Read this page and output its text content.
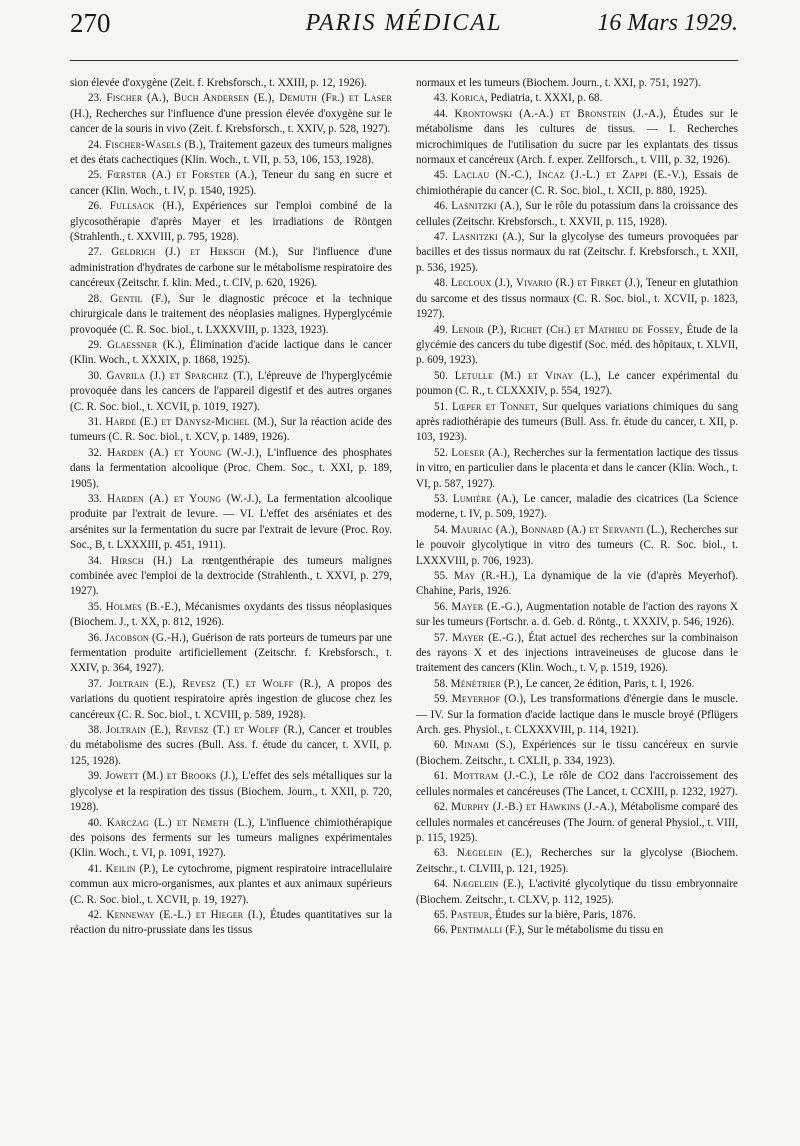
270	PARIS MÉDICAL	16 Mars 1929.

sion élevée d'oxygène (Zeit. f. Krebsforsch., t. XXIII, p. 12, 1926).

23. Fischer (A.), Buch Andersen (E.), Demuth (Fr.) et Laser (H.), Recherches sur l'influence d'une pression élevée d'oxygène sur le cancer de la souris in vivo (Zeit. f. Krebsforsch., t. XXIV, p. 528, 1927).

24. Fischer-Wasels (B.), Traitement gazeux des tumeurs malignes et des états cachectiques (Klin. Woch., t. VII, p. 53, 106, 153, 1928).

25. Fœrster (A.) et Forster (A.), Teneur du sang en sucre et cancer (Klin. Woch., t. IV, p. 1540, 1925).

26. Fullsack (H.), Expériences sur l'emploi combiné de la glycosothérapie d'après Mayer et les irradiations de Röntgen (Strahlenth., t. XXVIII, p. 795, 1928).

27. Geldrich (J.) et Heksch (M.), Sur l'influence d'une administration d'hydrates de carbone sur le métabolisme respiratoire des cancéreux (Zeitschr. f. klin. Med., t. CIV, p. 620, 1926).

28. Gentil (F.), Sur le diagnostic précoce et la technique chirurgicale dans le traitement des néoplasies malignes. Hyperglycémie provoquée (C. R. Soc. biol., t. LXXXVIII, p. 1323, 1923).

29. Glaessner (K.), Élimination d'acide lactique dans le cancer (Klin. Woch., t. XXXIX, p. 1868, 1925).

30. Gavrila (J.) et Sparchez (T.), L'épreuve de l'hyperglycémie provoquée dans les cancers de l'appareil digestif et des autres organes (C. R. Soc. biol., t. XCVII, p. 1019, 1927).

31. Harde (E.) et Danysz-Michel (M.), Sur la réaction acide des tumeurs (C. R. Soc. biol., t. XCV, p. 1489, 1926).

32. Harden (A.) et Young (W.-J.), L'influence des phosphates dans la fermentation alcoolique (Proc. Chem. Soc., t. XXI, p. 189, 1905).

33. Harden (A.) et Young (W.-J.), La fermentation alcoolique produite par l'extrait de levure. — VI. L'effet des arséniates et des arsénites sur la fermentation du sucre par l'extrait de levure (Proc. Roy. Soc., B, t. LXXXIII, p. 451, 1911).

34. Hirsch (H.) La rœntgenthérapie des tumeurs malignes combinée avec l'emploi de la dextrocide (Strahlenth., t. XXVI, p. 279, 1927).

35. Holmes (B.-E.), Mécanismes oxydants des tissus néoplasiques (Biochem. J., t. XX, p. 812, 1926).

36. Jacobson (G.-H.), Guérison de rats porteurs de tumeurs par une fermentation produite artificiellement (Zeitschr. f. Krebsforsch., t. XXIV, p. 364, 1927).

37. Joltrain (E.), Revesz (T.) et Wolff (R.), A propos des variations du quotient respiratoire après ingestion de glucose chez les cancéreux (C. R. Soc. biol., t. XCVIII, p. 589, 1928).

38. Joltrain (E.), Revesz (T.) et Wolff (R.), Cancer et troubles du métabolisme des sucres (Bull. Ass. f. étude du cancer, t. XVII, p. 125, 1928).

39. Jowett (M.) et Brooks (J.), L'effet des sels métalliques sur la glycolyse et la respiration des tissus (Biochem. Journ., t. XXII, p. 720, 1928).

40. Karczag (L.) et Nemeth (L.), L'influence chimiothérapique des poisons des ferments sur les tumeurs malignes expérimentales (Klin. Woch., t. VI, p. 1091, 1927).

41. Keilin (P.), Le cytochrome, pigment respiratoire intracellulaire commun aux micro-organismes, aux plantes et aux animaux supérieurs (C. R. Soc. biol., t. XCVII, p. 19, 1927).

42. Kenneway (E.-L.) et Hieger (I.), Études quantitatives sur la réaction du nitro-prussiate dans les tissus

normaux et les tumeurs (Biochem. Journ., t. XXI, p. 751, 1927).

43. Korica, Pediatria, t. XXXI, p. 68.

44. Krontowski (A.-A.) et Bronstein (J.-A.), Études sur le métabolisme dans les cultures de tissus. — I. Recherches microchimiques de l'utilisation du sucre par les explantats des tissus normaux et cancéreux (Arch. f. exper. Zellforsch., t. VIII, p. 32, 1926).

45. Laclau (N.-C.), Incaz (J.-L.) et Zappi (E.-V.), Essais de chimiothérapie du cancer (C. R. Soc. biol., t. XCII, p. 880, 1925).

46. Lasnitzki (A.), Sur le rôle du potassium dans la croissance des cellules (Zeitschr. Krebsforsch., t. XXVII, p. 115, 1928).

47. Lasnitzki (A.), Sur la glycolyse des tumeurs provoquées par bacilles et des tissus normaux du rat (Zeitschr. f. Krebsforsch., t. XXII, p. 536, 1925).

48. Lecloux (J.), Vivario (R.) et Firket (J.), Teneur en glutathion du sarcome et des tissus normaux (C. R. Soc. biol., t. XCVII, p. 1823, 1927).

49. Lenoir (P.), Richet (Ch.) et Mathieu de Fossey, Étude de la glycémie des cancers du tube digestif (Soc. méd. des hôpitaux, t. XLVII, p. 609, 1923).

50. Letulle (M.) et Vinay (L.), Le cancer expérimental du poumon (C. R., t. CLXXXIV, p. 554, 1927).

51. Lœper et Tonnet, Sur quelques variations chimiques du sang après radiothérapie des tumeurs (Bull. Ass. fr. étude du cancer, t. XII, p. 103, 1923).

52. Loeser (A.), Recherches sur la fermentation lactique des tissus in vitro, en particulier dans le placenta et dans le cancer (Klin. Woch., t. VI, p. 587, 1927).

53. Lumière (A.), Le cancer, maladie des cicatrices (La Science moderne, t. IV, p. 509, 1927).

54. Mauriac (A.), Bonnard (A.) et Servanti (L.), Recherches sur le pouvoir glycolytique in vitro des tumeurs (C. R. Soc. biol., t. LXXXVIII, p. 706, 1923).

55. May (R.-H.), La dynamique de la vie (d'après Meyerhof). Chahine, Paris, 1926.

56. Mayer (E.-G.), Augmentation notable de l'action des rayons X sur les tumeurs (Fortschr. a. d. Geb. d. Röntg., t. XXXIV, p. 546, 1926).

57. Mayer (E.-G.), État actuel des recherches sur la combinaison des rayons X et des injections intraveineuses de glucose dans le traitement des cancers (Klin. Woch., t. V, p. 1519, 1926).

58. Ménétrier (P.), Le cancer, 2e édition, Paris, t. I, 1926.

59. Meyerhof (O.), Les transformations d'énergie dans le muscle. — IV. Sur la formation d'acide lactique dans le muscle broyé (Pflügers Arch. ges. Physiol., t. CLXXXVIII, p. 114, 1921).

60. Minami (S.), Expériences sur le tissu cancéreux en survie (Biochem. Zeitschr., t. CXLII, p. 334, 1923).

61. Mottram (J.-C.), Le rôle de CO2 dans l'accroissement des cellules normales et cancéreuses (The Lancet, t. CCXIII, p. 1232, 1927).

62. Murphy (J.-B.) et Hawkins (J.-A.), Métabolisme comparé des cellules normales et cancéreuses (The Journ. of general Physiol., t. VIII, p. 115, 1925).

63. Nægelein (E.), Recherches sur la glycolyse (Biochem. Zeitschr., t. CLVIII, p. 121, 1925).

64. Nægelein (E.), L'activité glycolytique du tissu embryonnaire (Biochem. Zeitschr., t. CLXV, p. 112, 1925).

65. Pasteur, Études sur la bière, Paris, 1876.

66. Pentimalli (F.), Sur le métabolisme du tissu en
